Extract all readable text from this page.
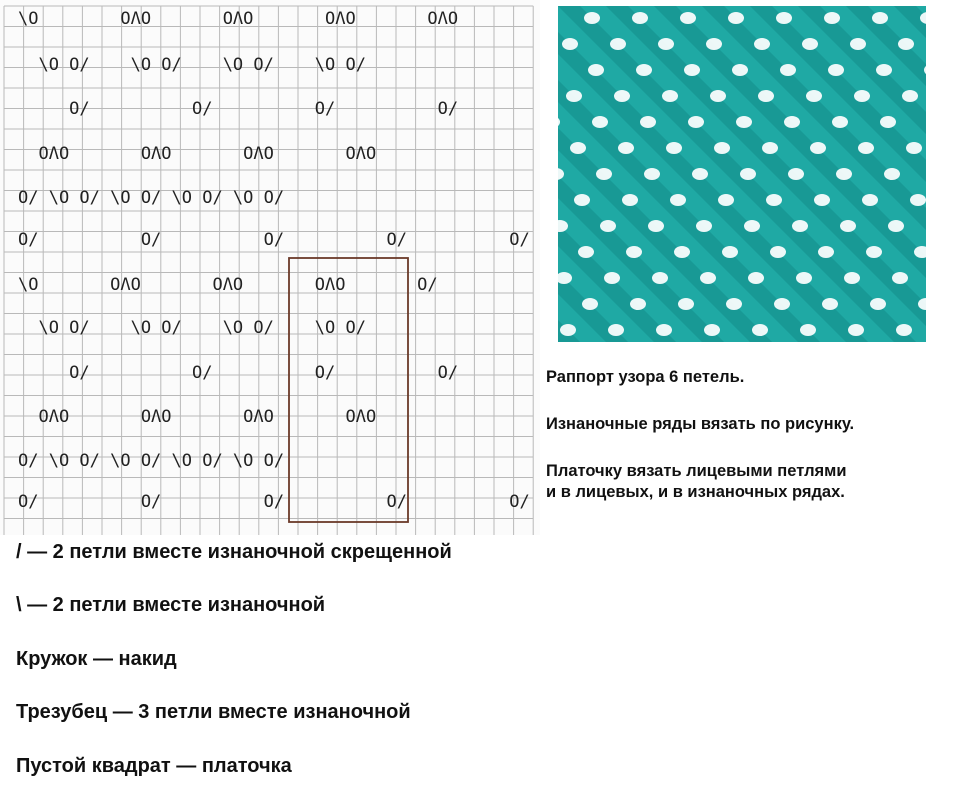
\O        OΛO       OΛO       OΛO       OΛO
\O O/    \O O/    \O O/    \O O/
O/          O/          O/          O/
OΛO       OΛO       OΛO       OΛO
O/ \O O/ \O O/ \O O/ \O O/
O/          O/          O/          O/          O/
\O       OΛO       OΛO       OΛO       O/
\O O/    \O O/    \O O/    \O O/
O/          O/          O/          O/
OΛO       OΛO       OΛO       OΛO
O/ \O O/ \O O/ \O O/ \O O/
O/          O/          O/          O/          O/
Раппорт узора 6 петель.
Изнаночные ряды вязать по рисунку.
Платочку вязать лицевыми петлями
и в лицевых, и в изнаночных рядах.
/ — 2 петли вместе изнаночной скрещенной
\ — 2 петли вместе изнаночной
Кружок — накид
Трезубец — 3 петли вместе изнаночной
Пустой квадрат — платочка
